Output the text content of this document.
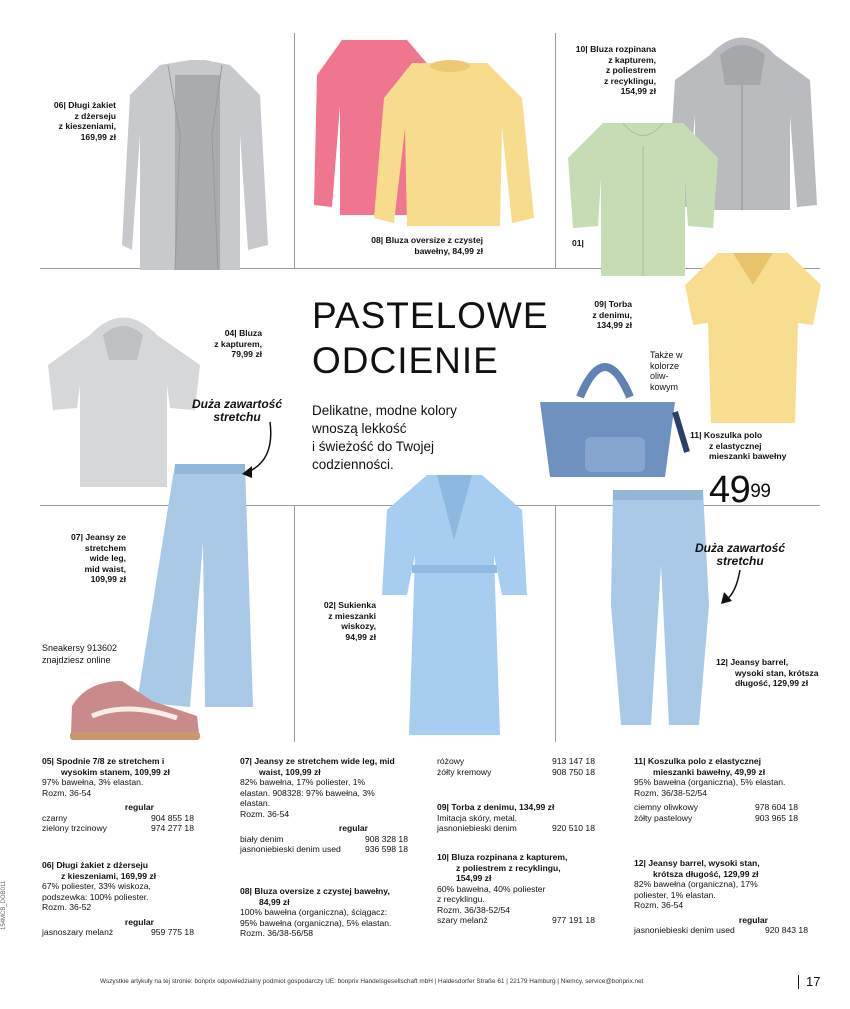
PASTELOWE
ODCIENIE
Delikatne, modne kolory
wnoszą lekkość
i świeżość do Twojej
codzienności.
Duża zawartość
stretchu
Duża zawartość
stretchu
06| Długi żakiet
z dżerseju
z kieszeniami,
169,99 zł
08| Bluza oversize z czystej
bawełny, 84,99 zł
10| Bluza rozpinana
z kapturem,
z poliestrem
z recyklingu,
154,99 zł
01|
04| Bluza
z kapturem,
79,99 zł
09| Torba
z denimu,
134,99 zł
07| Jeansy ze
stretchem
wide leg,
mid waist,
109,99 zł
02| Sukienka
z mieszanki
wiskozy,
94,99 zł
11| Koszulka polo
z elastycznej
mieszanki bawełny
12| Jeansy barrel,
wysoki stan, krótsza
długość, 129,99 zł
Także w
kolorze
oliw-
kowym
$49^{99}$
Sneakersy 913602
znajdziesz online
05| Spodnie 7/8 ze stretchem i
wysokim stanem, 109,99 zł
97% bawełna, 3% elastan.
Rozm. 36-54
regular
czarny	904 855 18
zielony trzcinowy	974 277 18
06| Długi żakiet z dżerseju
z kieszeniami, 169,99 zł
67% poliester, 33% wiskoza,
podszewka: 100% poliester.
Rozm. 36-52
regular
jasnoszary melanż	959 775 18
07| Jeansy ze stretchem wide leg, mid
waist, 109,99 zł
82% bawełna, 17% poliester, 1%
elastan. 908328: 97% bawełna, 3%
elastan.
Rozm. 36-54
regular
biały denim	908 328 18
jasnoniebieski denim used	936 598 18
08| Bluza oversize z czystej bawełny,
84,99 zł
100% bawełna (organiczna), ściągacz:
95% bawełna (organiczna), 5% elastan.
Rozm. 36/38-56/58
różowy	913 147 18
żółty kremowy	908 750 18
09| Torba z denimu, 134,99 zł
Imitacja skóry, metal.
jasnoniebieski denim	920 510 18
10| Bluza rozpinana z kapturem,
z poliestrem z recyklingu,
154,99 zł
60% bawełna, 40% poliester
z recyklingu.
Rozm. 36/38-52/54
szary melanż	977 191 18
11| Koszulka polo z elastycznej
mieszanki bawełny, 49,99 zł
95% bawełna (organiczna), 5% elastan.
Rozm. 36/38-52/54
ciemny oliwkowy	978 604 18
żółty pastelowy	903 965 18
12| Jeansy barrel, wysoki stan,
krótsza długość, 129,99 zł
82% bawełna (organiczna), 17%
poliester, 1% elastan.
Rozm. 36-54
regular
jasnoniebieski denim used	920 843 18
Wszystkie artykuły na tej stronie: bonprix odpowiedzialny podmiot gospodarczy UE: bonprix Handelsgesellschaft mbH | Haldesdorfer Straße 61 | 22179 Hamburg | Niemcy, service@bonprix.net	17
154MCB_DOB011
